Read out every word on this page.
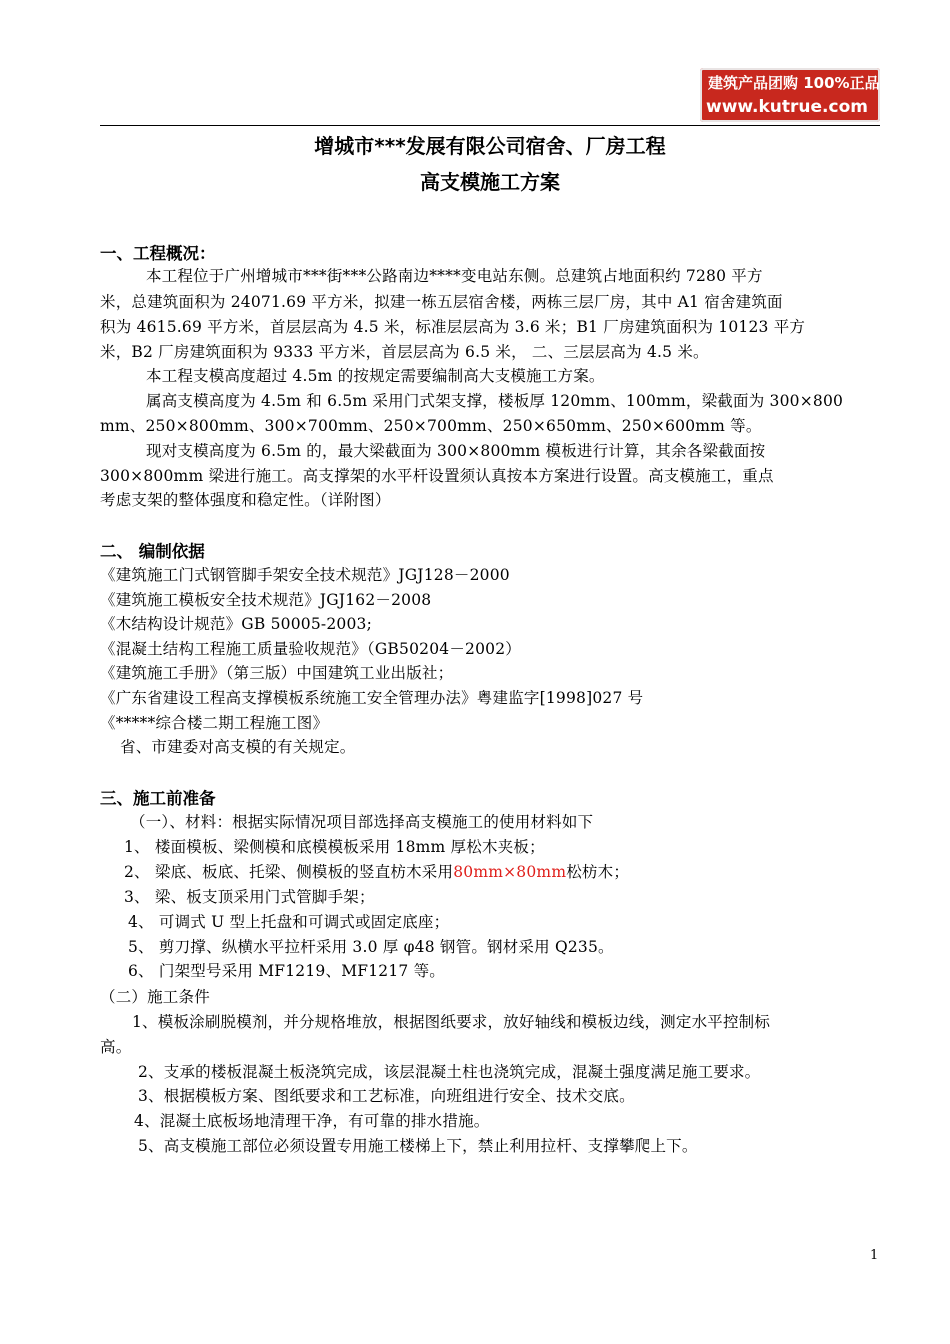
建筑产品团购 100%正品
www.kutrue.com
增城市***发展有限公司宿舍、厂房工程
高支模施工方案
一、工程概况：
本工程位于广州增城市***街***公路南边****变电站东侧。总建筑占地面积约 7280 平方
米，总建筑面积为 24071.69 平方米，拟建一栋五层宿舍楼，两栋三层厂房，其中 A1 宿舍建筑面
积为 4615.69 平方米，首层层高为 4.5 米，标准层层高为 3.6 米；B1 厂房建筑面积为 10123 平方
米，B2 厂房建筑面积为 9333 平方米，首层层高为 6.5 米， 二、三层层高为 4.5 米。
本工程支模高度超过 4.5m 的按规定需要编制高大支模施工方案。
属高支模高度为 4.5m 和 6.5m 采用门式架支撑，楼板厚 120mm、100mm，梁截面为 300×800
mm、250×800mm、300×700mm、250×700mm、250×650mm、250×600mm 等。
现对支模高度为 6.5m 的，最大梁截面为 300×800mm 模板进行计算，其余各梁截面按
300×800mm 梁进行施工。高支撑架的水平杆设置须认真按本方案进行设置。高支模施工，重点
考虑支架的整体强度和稳定性。（详附图）
二、 编制依据
《建筑施工门式钢管脚手架安全技术规范》JGJ128－2000
《建筑施工模板安全技术规范》JGJ162－2008
《木结构设计规范》GB 50005-2003;
《混凝土结构工程施工质量验收规范》（GB50204－2002）
《建筑施工手册》（第三版）中国建筑工业出版社；
《广东省建设工程高支撑模板系统施工安全管理办法》粤建监字[1998]027 号
《*****综合楼二期工程施工图》
省、市建委对高支模的有关规定。
三、施工前准备
（一）、材料：根据实际情况项目部选择高支模施工的使用材料如下
1、 楼面模板、梁侧模和底模模板采用 18mm 厚松木夹板；
2、 梁底、板底、托梁、侧模板的竖直枋木采用80mm×80mm松枋木；
3、 梁、板支顶采用门式管脚手架；
4、 可调式 U 型上托盘和可调式或固定底座；
5、 剪刀撑、纵横水平拉杆采用 3.0 厚 φ48 钢管。钢材采用 Q235。
6、 门架型号采用 MF1219、MF1217 等。
（二）施工条件
1、模板涂刷脱模剂，并分规格堆放，根据图纸要求，放好轴线和模板边线，测定水平控制标
高。
2、支承的楼板混凝土板浇筑完成，该层混凝土柱也浇筑完成，混凝土强度满足施工要求。
3、根据模板方案、图纸要求和工艺标准，向班组进行安全、技术交底。
4、混凝土底板场地清理干净，有可靠的排水措施。
5、高支模施工部位必须设置专用施工楼梯上下，禁止利用拉杆、支撑攀爬上下。
1
